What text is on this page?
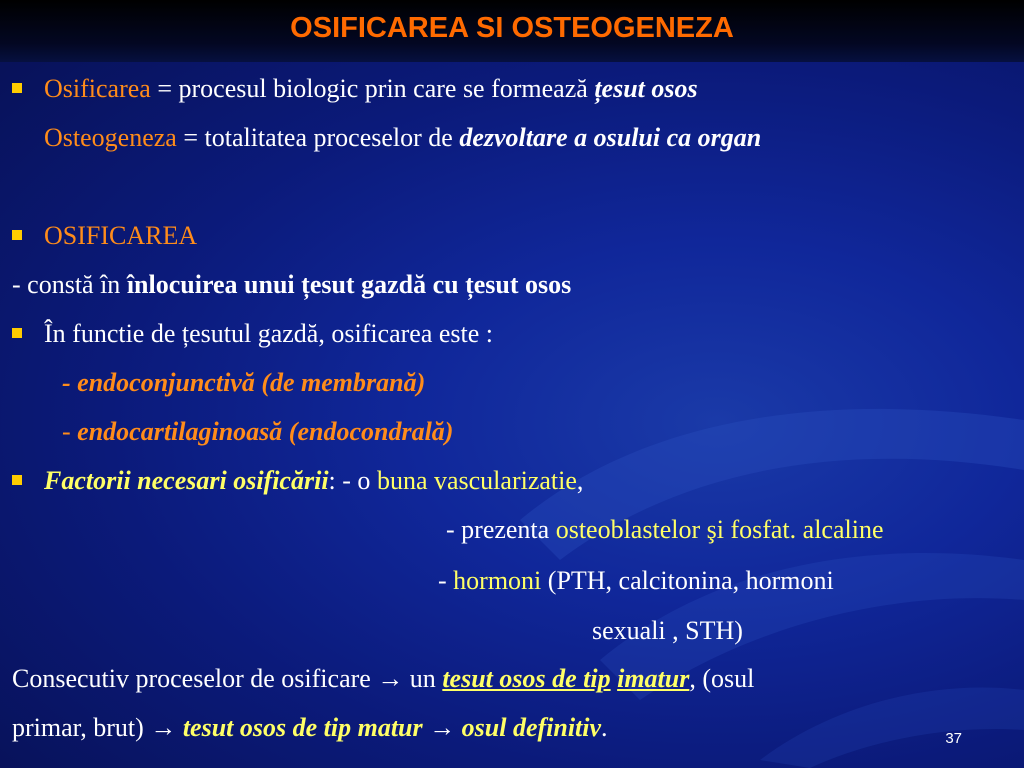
OSIFICAREA SI OSTEOGENEZA
Osificarea = procesul biologic prin care se formează țesut osos
Osteogeneza = totalitatea proceselor de dezvoltare a osului ca organ
OSIFICAREA
- constă în înlocuirea unui țesut gazdă cu țesut osos
În functie de țesutul gazdă, osificarea este :
- endoconjunctivă (de membrană)
- endocartilaginoasă (endocondrală)
Factorii necesari osificării: - o buna vascularizatie,
- prezenta osteoblastelor şi fosfat. alcaline
- hormoni (PTH, calcitonina, hormoni
sexuali , STH)
Consecutiv proceselor de osificare → un tesut osos de tip imatur, (osul
primar, brut) → tesut osos de tip matur → osul definitiv.	37
